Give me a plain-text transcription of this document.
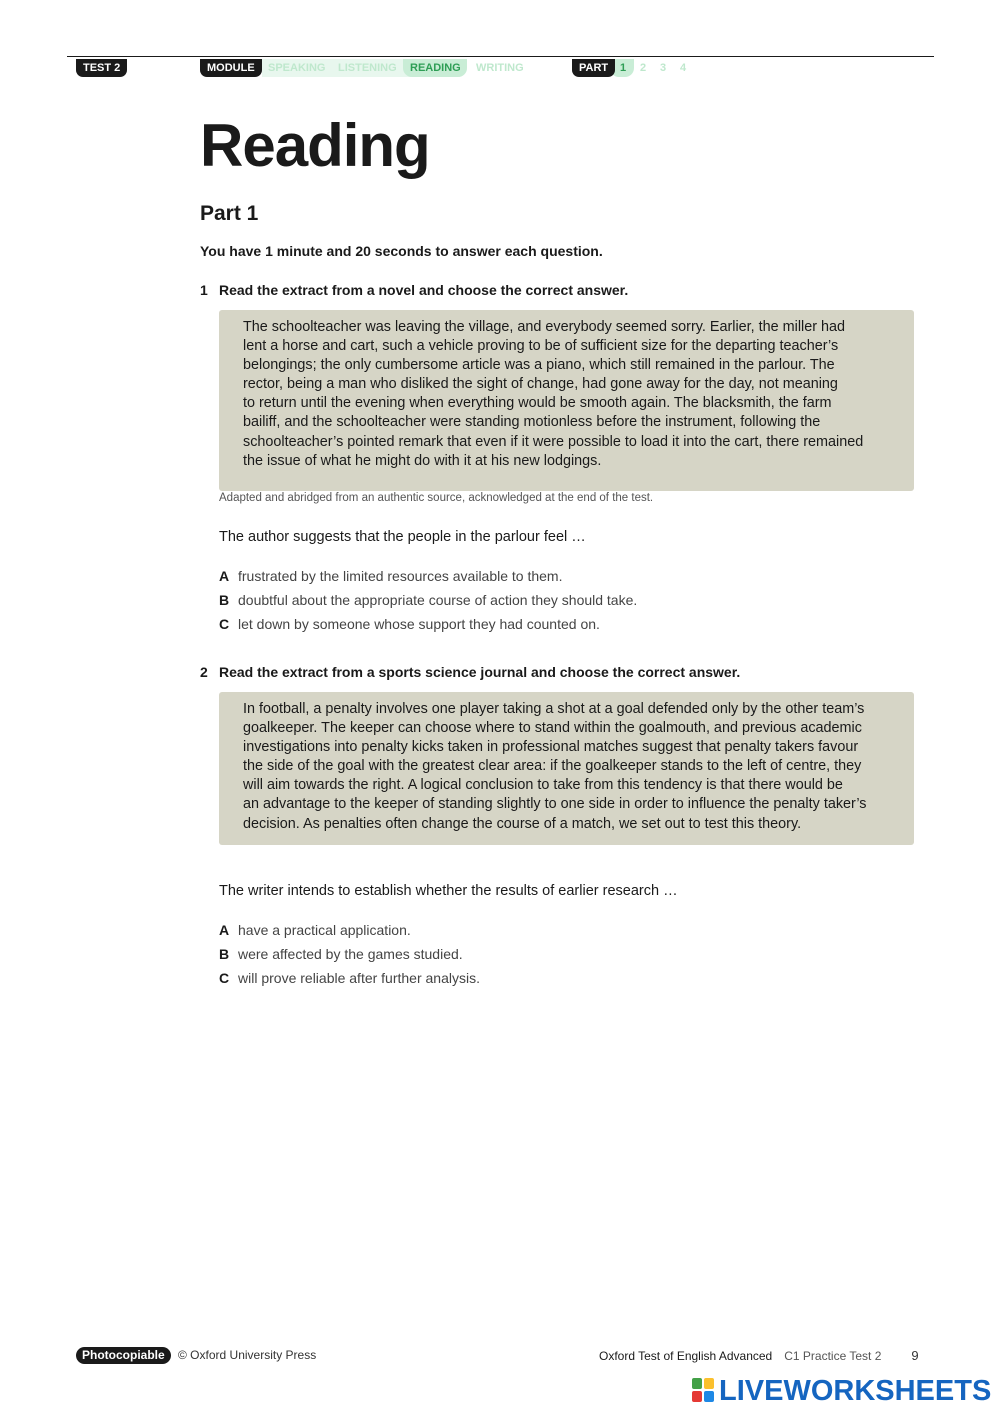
TEST 2	MODULE	SPEAKING LISTENING READING WRITING	PART	1 2 3 4
Reading
Part 1

You have 1 minute and 20 seconds to answer each question.

1 Read the extract from a novel and choose the correct answer.

The schoolteacher was leaving the village, and everybody seemed sorry. Earlier, the miller had
lent a horse and cart, such a vehicle proving to be of sufficient size for the departing teacher’s
belongings; the only cumbersome article was a piano, which still remained in the parlour. The
rector, being a man who disliked the sight of change, had gone away for the day, not meaning
to return until the evening when everything would be smooth again. The blacksmith, the farm
bailiff, and the schoolteacher were standing motionless before the instrument, following the
schoolteacher’s pointed remark that even if it were possible to load it into the cart, there remained
the issue of what he might do with it at his new lodgings.

Adapted and abridged from an authentic source, acknowledged at the end of the test.

The author suggests that the people in the parlour feel …

A frustrated by the limited resources available to them.
B doubtful about the appropriate course of action they should take.
C let down by someone whose support they had counted on.

2 Read the extract from a sports science journal and choose the correct answer.

In football, a penalty involves one player taking a shot at a goal defended only by the other team’s
goalkeeper. The keeper can choose where to stand within the goalmouth, and previous academic
investigations into penalty kicks taken in professional matches suggest that penalty takers favour
the side of the goal with the greatest clear area: if the goalkeeper stands to the left of centre, they
will aim towards the right. A logical conclusion to take from this tendency is that there would be
an advantage to the keeper of standing slightly to one side in order to influence the penalty taker’s
decision. As penalties often change the course of a match, we set out to test this theory.

The writer intends to establish whether the results of earlier research …

A have a practical application.
B were affected by the games studied.
C will prove reliable after further analysis.
Photocopiable	© Oxford University Press	Oxford Test of English Advanced C1 Practice Test 2 9
LIVEWORKSHEETS
